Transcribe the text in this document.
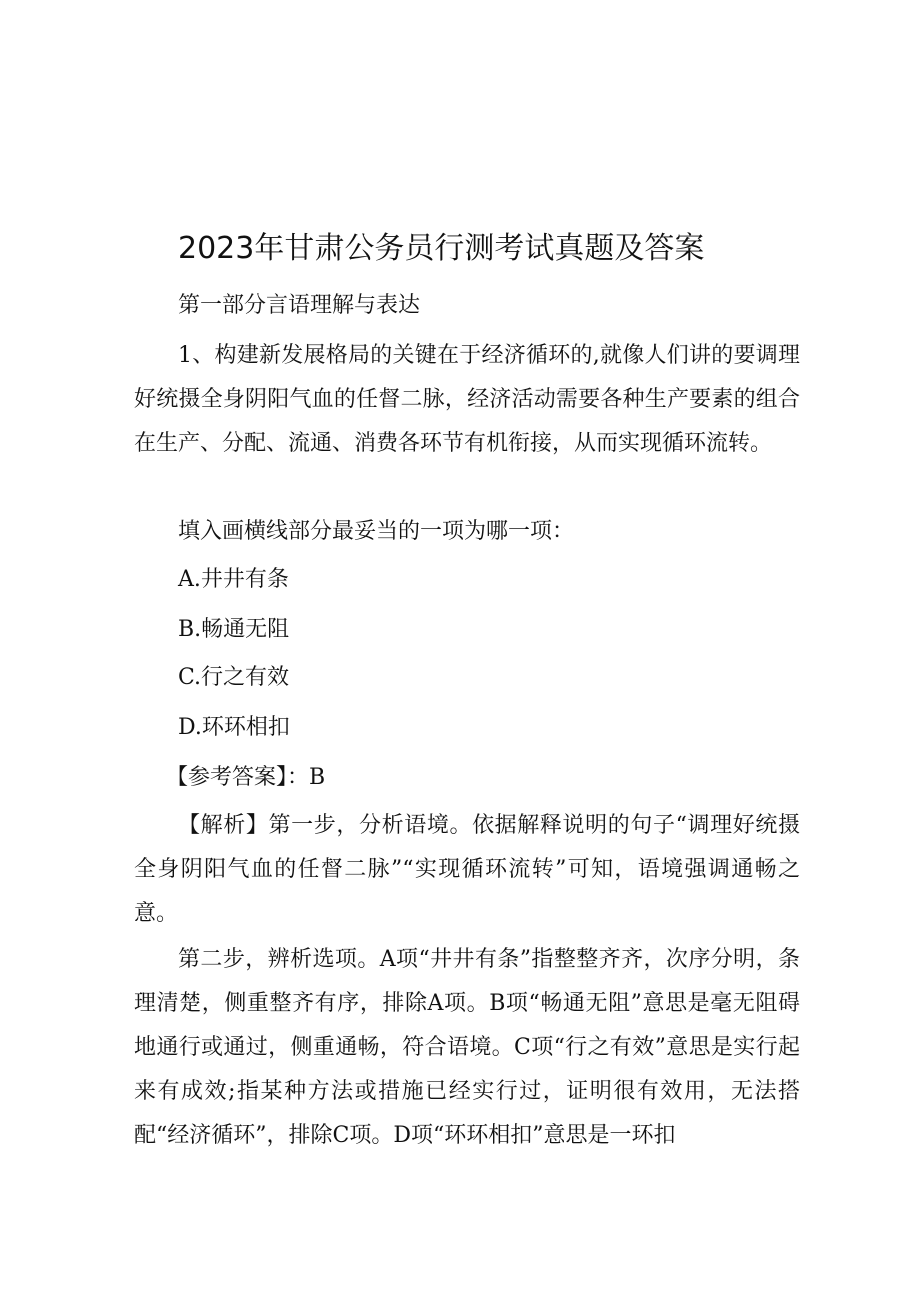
2023年甘肃公务员行测考试真题及答案
第一部分言语理解与表达
1、构建新发展格局的关键在于经济循环的,就像人们讲的要调理好统摄全身阴阳气血的任督二脉，经济活动需要各种生产要素的组合在生产、分配、流通、消费各环节有机衔接，从而实现循环流转。
填入画横线部分最妥当的一项为哪一项：
A.井井有条
B.畅通无阻
C.行之有效
D.环环相扣
【参考答案】：B
【解析】第一步，分析语境。依据解释说明的句子“调理好统摄全身阴阳气血的任督二脉”“实现循环流转”可知，语境强调通畅之意。
第二步，辨析选项。A项“井井有条”指整整齐齐，次序分明，条理清楚，侧重整齐有序，排除A项。B项“畅通无阻”意思是毫无阻碍地通行或通过，侧重通畅，符合语境。C项“行之有效”意思是实行起来有成效;指某种方法或措施已经实行过，证明很有效用，无法搭配“经济循环”，排除C项。D项“环环相扣”意思是一环扣
